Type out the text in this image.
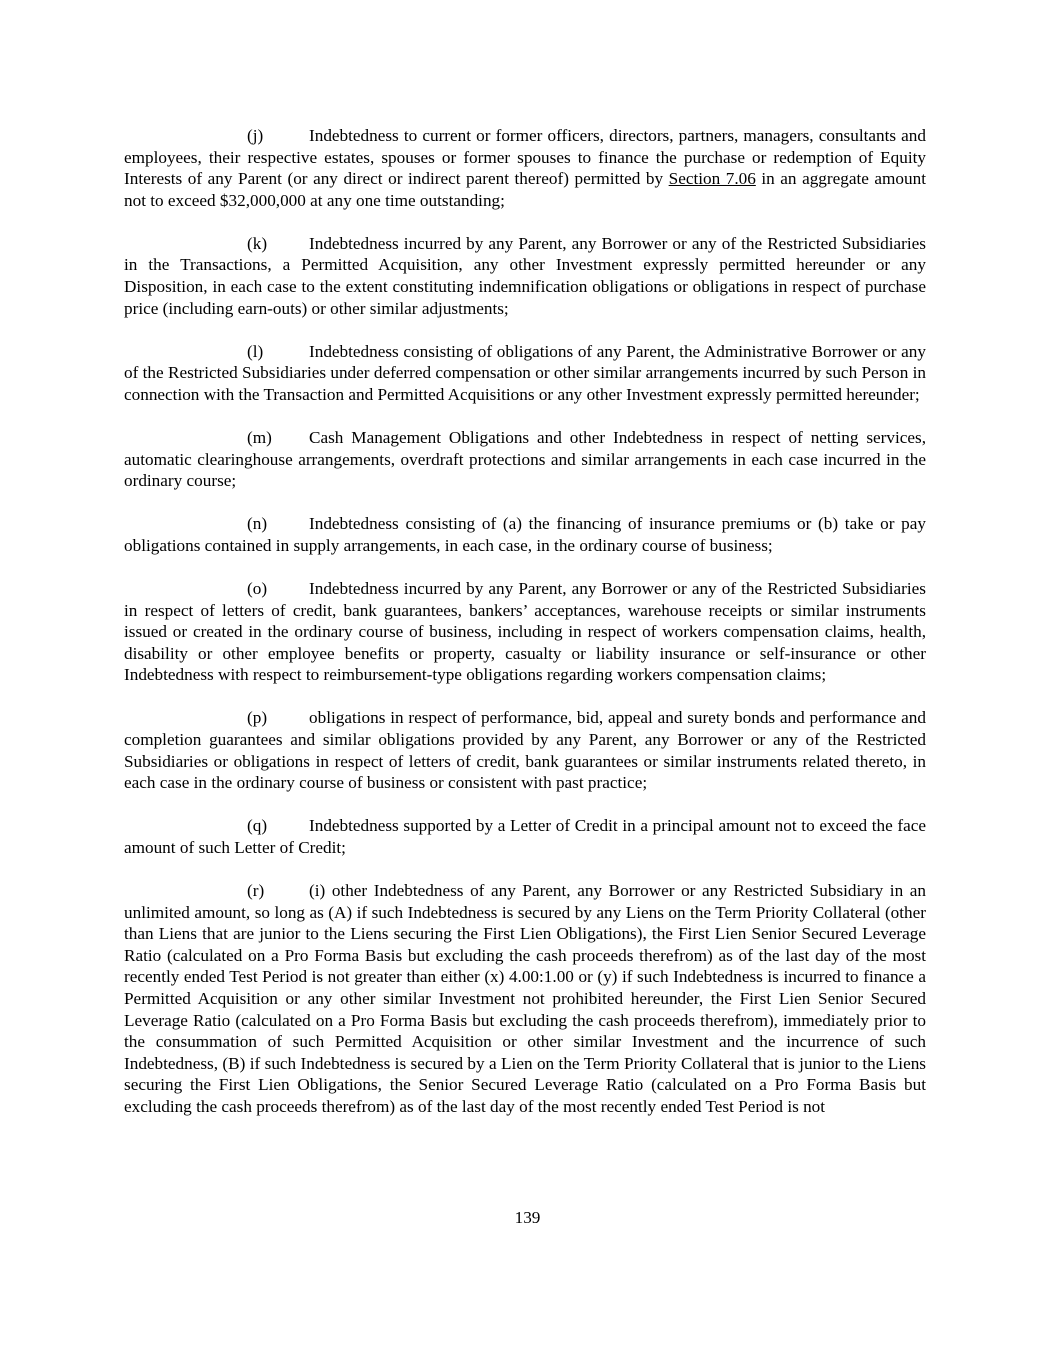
(j)	Indebtedness to current or former officers, directors, partners, managers, consultants and employees, their respective estates, spouses or former spouses to finance the purchase or redemption of Equity Interests of any Parent (or any direct or indirect parent thereof) permitted by Section 7.06 in an aggregate amount not to exceed $32,000,000 at any one time outstanding;

(k) Indebtedness incurred by any Parent, any Borrower or any of the Restricted Subsidiaries in the Transactions, a Permitted Acquisition, any other Investment expressly permitted hereunder or any Disposition, in each case to the extent constituting indemnification obligations or obligations in respect of purchase price (including earn-outs) or other similar adjustments;

(l)	Indebtedness consisting of obligations of any Parent, the Administrative Borrower or any of the Restricted Subsidiaries under deferred compensation or other similar arrangements incurred by such Person in connection with the Transaction and Permitted Acquisitions or any other Investment expressly permitted hereunder;

(m) Cash Management Obligations and other Indebtedness in respect of netting services, automatic clearinghouse arrangements, overdraft protections and similar arrangements in each case incurred in the ordinary course;

(n) Indebtedness consisting of (a) the financing of insurance premiums or (b) take or pay obligations contained in supply arrangements, in each case, in the ordinary course of business;

(o) Indebtedness incurred by any Parent, any Borrower or any of the Restricted Subsidiaries in respect of letters of credit, bank guarantees, bankers’ acceptances, warehouse receipts or similar instruments issued or created in the ordinary course of business, including in respect of workers compensation claims, health, disability or other employee benefits or property, casualty or liability insurance or self-insurance or other Indebtedness with respect to reimbursement-type obligations regarding workers compensation claims;

(p) obligations in respect of performance, bid, appeal and surety bonds and performance and completion guarantees and similar obligations provided by any Parent, any Borrower or any of the Restricted Subsidiaries or obligations in respect of letters of credit, bank guarantees or similar instruments related thereto, in each case in the ordinary course of business or consistent with past practice;

(q) Indebtedness supported by a Letter of Credit in a principal amount not to exceed the face amount of such Letter of Credit;

(r)	(i) other Indebtedness of any Parent, any Borrower or any Restricted Subsidiary in an unlimited amount, so long as (A) if such Indebtedness is secured by any Liens on the Term Priority Collateral (other than Liens that are junior to the Liens securing the First Lien Obligations), the First Lien Senior Secured Leverage Ratio (calculated on a Pro Forma Basis but excluding the cash proceeds therefrom) as of the last day of the most recently ended Test Period is not greater than either (x) 4.00:1.00 or (y) if such Indebtedness is incurred to finance a Permitted Acquisition or any other similar Investment not prohibited hereunder, the First Lien Senior Secured Leverage Ratio (calculated on a Pro Forma Basis but excluding the cash proceeds therefrom), immediately prior to the consummation of such Permitted Acquisition or other similar Investment and the incurrence of such Indebtedness, (B) if such Indebtedness is secured by a Lien on the Term Priority Collateral that is junior to the Liens securing the First Lien Obligations, the Senior Secured Leverage Ratio (calculated on a Pro Forma Basis but excluding the cash proceeds therefrom) as of the last day of the most recently ended Test Period is not

139
